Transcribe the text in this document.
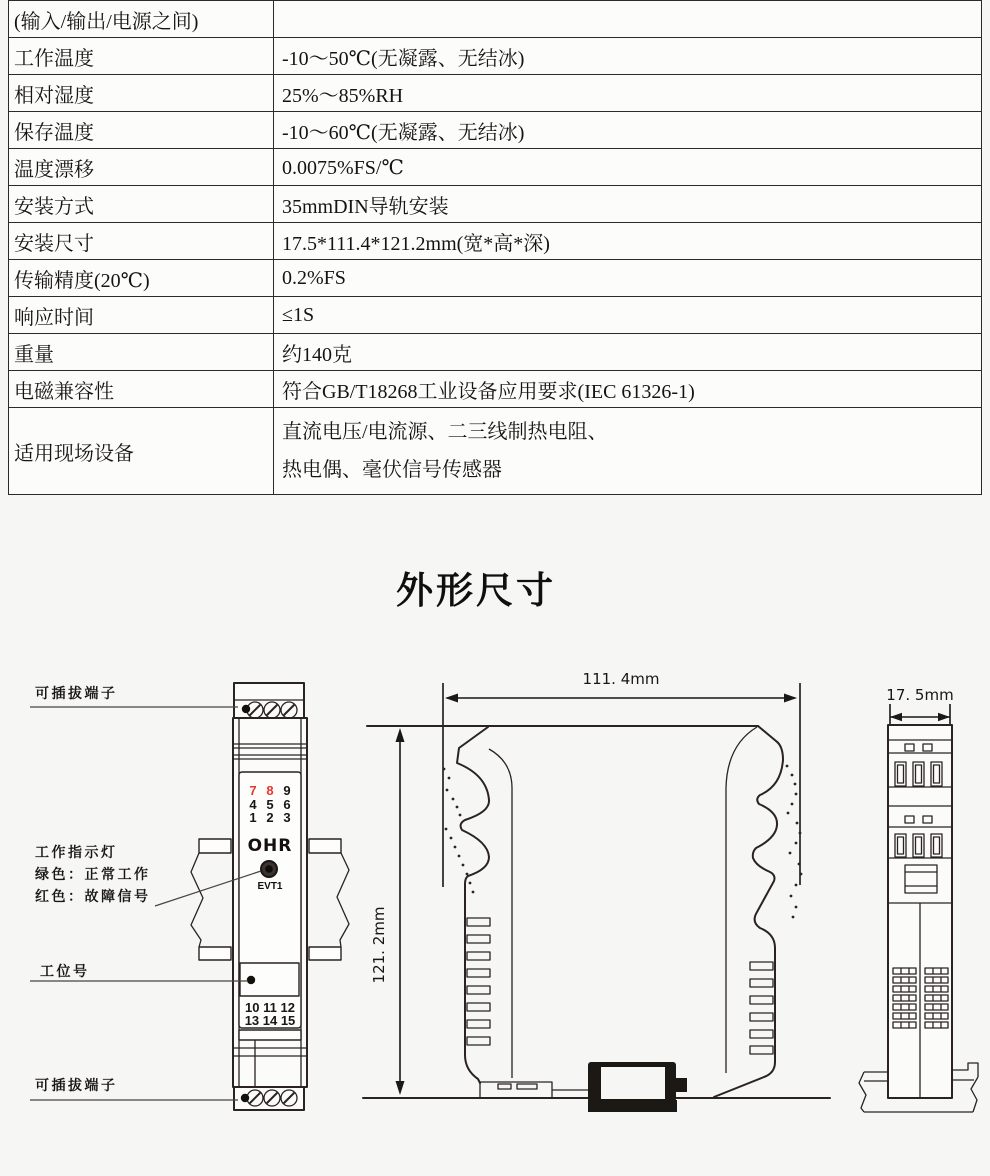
(输入/输出/电源之间)	
工作温度	-10～50℃(无凝露、无结冰)
相对湿度	25%～85%RH
保存温度	-10～60℃(无凝露、无结冰)
温度漂移	0.0075%FS/℃
安装方式	35mmDIN导轨安装
安装尺寸	17.5*111.4*121.2mm(宽*高*深)
传输精度(20℃)	0.2%FS
响应时间	≤1S
重量	约140克
电磁兼容性	符合GB/T18268工业设备应用要求(IEC 61326-1)
适用现场设备	直流电压/电流源、二三线制热电阻、
热电偶、毫伏信号传感器
外形尺寸
7 8 9
4 5 6
1 2 3
OHR
EVT1
10 11 12
13 14 15
可插拔端子
工作指示灯
绿色：正常工作
红色：故障信号
工位号
可插拔端子
111. 4mm
121. 2mm
17. 5mm
